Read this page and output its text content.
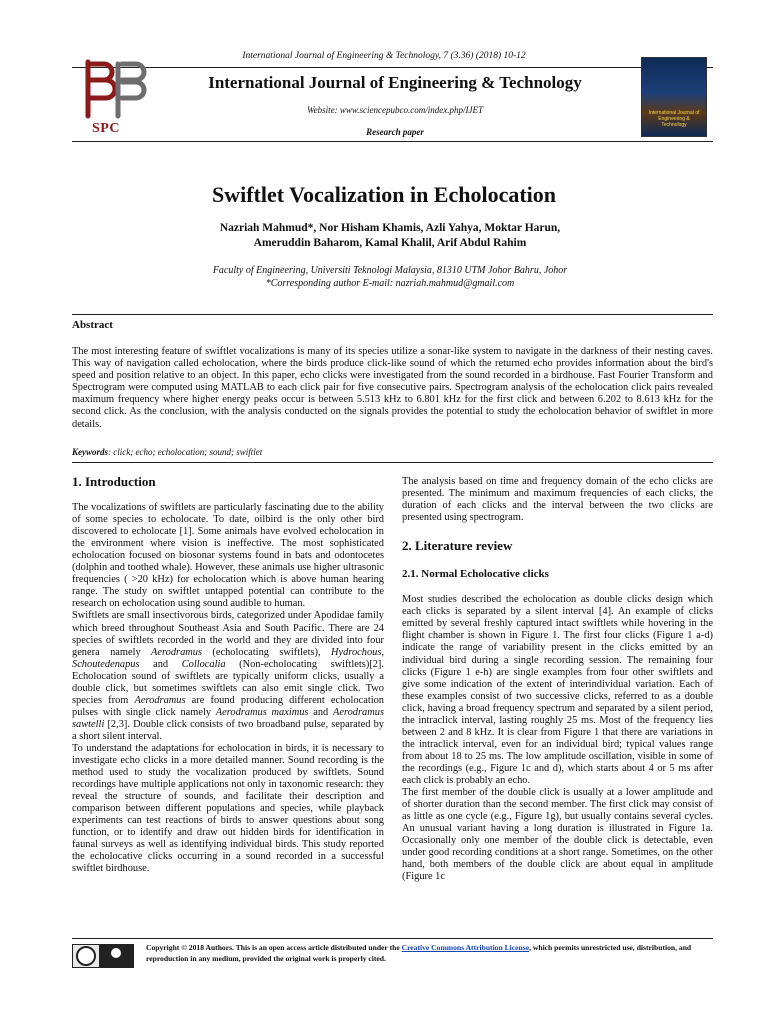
International Journal of Engineering & Technology, 7 (3.36) (2018) 10-12
SPC
International Journal of Engineering & Technology
Website: www.sciencepubco.com/index.php/IJET
Research paper
International Journal of Engineering & Technology
Swiftlet Vocalization in Echolocation
Nazriah Mahmud*, Nor Hisham Khamis, Azli Yahya, Moktar Harun,
Ameruddin Baharom, Kamal Khalil, Arif Abdul Rahim
Faculty of Engineering, Universiti Teknologi Malaysia, 81310 UTM Johor Bahru, Johor
*Corresponding author E-mail: nazriah.mahmud@gmail.com
Abstract
The most interesting feature of swiftlet vocalizations is many of its species utilize a sonar-like system to navigate in the darkness of their nesting caves. This way of navigation called echolocation, where the birds produce click-like sound of which the returned echo provides information about the bird's speed and position relative to an object. In this paper, echo clicks were investigated from the sound recorded in a birdhouse. Fast Fourier Transform and Spectrogram were computed using MATLAB to each click pair for five consecutive pairs. Spectrogram analysis of the echolocation click pairs revealed maximum frequency where higher energy peaks occur is between 5.513 kHz to 6.801 kHz for the first click and between 6.202 to 8.613 kHz for the second click. As the conclusion, with the analysis conducted on the signals provides the potential to study the echolocation behavior of swiftlet in more details.
Keywords: click; echo; echolocation; sound; swiftlet
1. Introduction

The vocalizations of swiftlets are particularly fascinating due to the ability of some species to echolocate. To date, oilbird is the only other bird discovered to echolocate [1]. Some animals have evolved echolocation in the environment where vision is ineffective. The most sophisticated echolocation focused on biosonar systems found in bats and odontocetes (dolphin and toothed whale). However, these animals use higher ultrasonic frequencies ( >20 kHz) for echolocation which is above human hearing range. The study on swiftlet untapped potential can contribute to the research on echolocation using sound audible to human.

Swiftlets are small insectivorous birds, categorized under Apodidae family which breed throughout Southeast Asia and South Pacific. There are 24 species of swiftlets recorded in the world and they are divided into four genera namely Aerodramus (echolocating swiftlets), Hydrochous, Schoutedenapus and Collocalia (Non-echolocating swiftlets)[2]. Echolocation sound of swiftlets are typically uniform clicks, usually a double click, but sometimes swiftlets can also emit single click. Two species from Aerodramus are found producing different echolocation pulses with single click namely Aerodramus maximus and Aerodramus sawtelli [2,3]. Double click consists of two broadband pulse, separated by a short silent interval.

To understand the adaptations for echolocation in birds, it is necessary to investigate echo clicks in a more detailed manner. Sound recording is the method used to study the vocalization produced by swiftlets. Sound recordings have multiple applications not only in taxonomic research: they reveal the structure of sounds, and facilitate their description and comparison between different populations and species, while playback experiments can test reactions of birds to answer questions about song function, or to identify and draw out hidden birds for identification in faunal surveys as well as identifying individual birds. This study reported the echolocative clicks occurring in a sound recorded in a successful swiftlet birdhouse.

The analysis based on time and frequency domain of the echo clicks are presented. The minimum and maximum frequencies of each clicks, the duration of each clicks and the interval between the two clicks are presented using spectrogram.

2. Literature review
2.1. Normal Echolocative clicks

Most studies described the echolocation as double clicks design which each clicks is separated by a silent interval [4]. An example of clicks emitted by several freshly captured intact swiftlets while hovering in the flight chamber is shown in Figure 1. The first four clicks (Figure 1 a-d) indicate the range of variability present in the clicks emitted by an individual bird during a single recording session. The remaining four clicks (Figure 1 e-h) are single examples from four other swiftlets and give some indication of the extent of interindividual variation. Each of these examples consist of two successive clicks, referred to as a double click, having a broad frequency spectrum and separated by a silent period, the intraclick interval, lasting roughly 25 ms. Most of the frequency lies between 2 and 8 kHz. It is clear from Figure 1 that there are variations in the intraclick interval, even for an individual bird; typical values range from about 18 to 25 ms. The low amplitude oscillation, visible in some of the recordings (e.g., Figure 1c and d), which starts about 4 or 5 ms after each click is probably an echo.

The first member of the double click is usually at a lower amplitude and of shorter duration than the second member. The first click may consist of as little as one cycle (e.g., Figure 1g), but usually contains several cycles. An unusual variant having a long duration is illustrated in Figure 1a. Occasionally only one member of the double click is detectable, even under good recording conditions at a short range. Sometimes, on the other hand, both members of the double click are about equal in amplitude (Figure 1c

Copyright © 2018 Authors. This is an open access article distributed under the Creative Commons Attribution License, which permits unrestricted use, distribution, and reproduction in any medium, provided the original work is properly cited.
